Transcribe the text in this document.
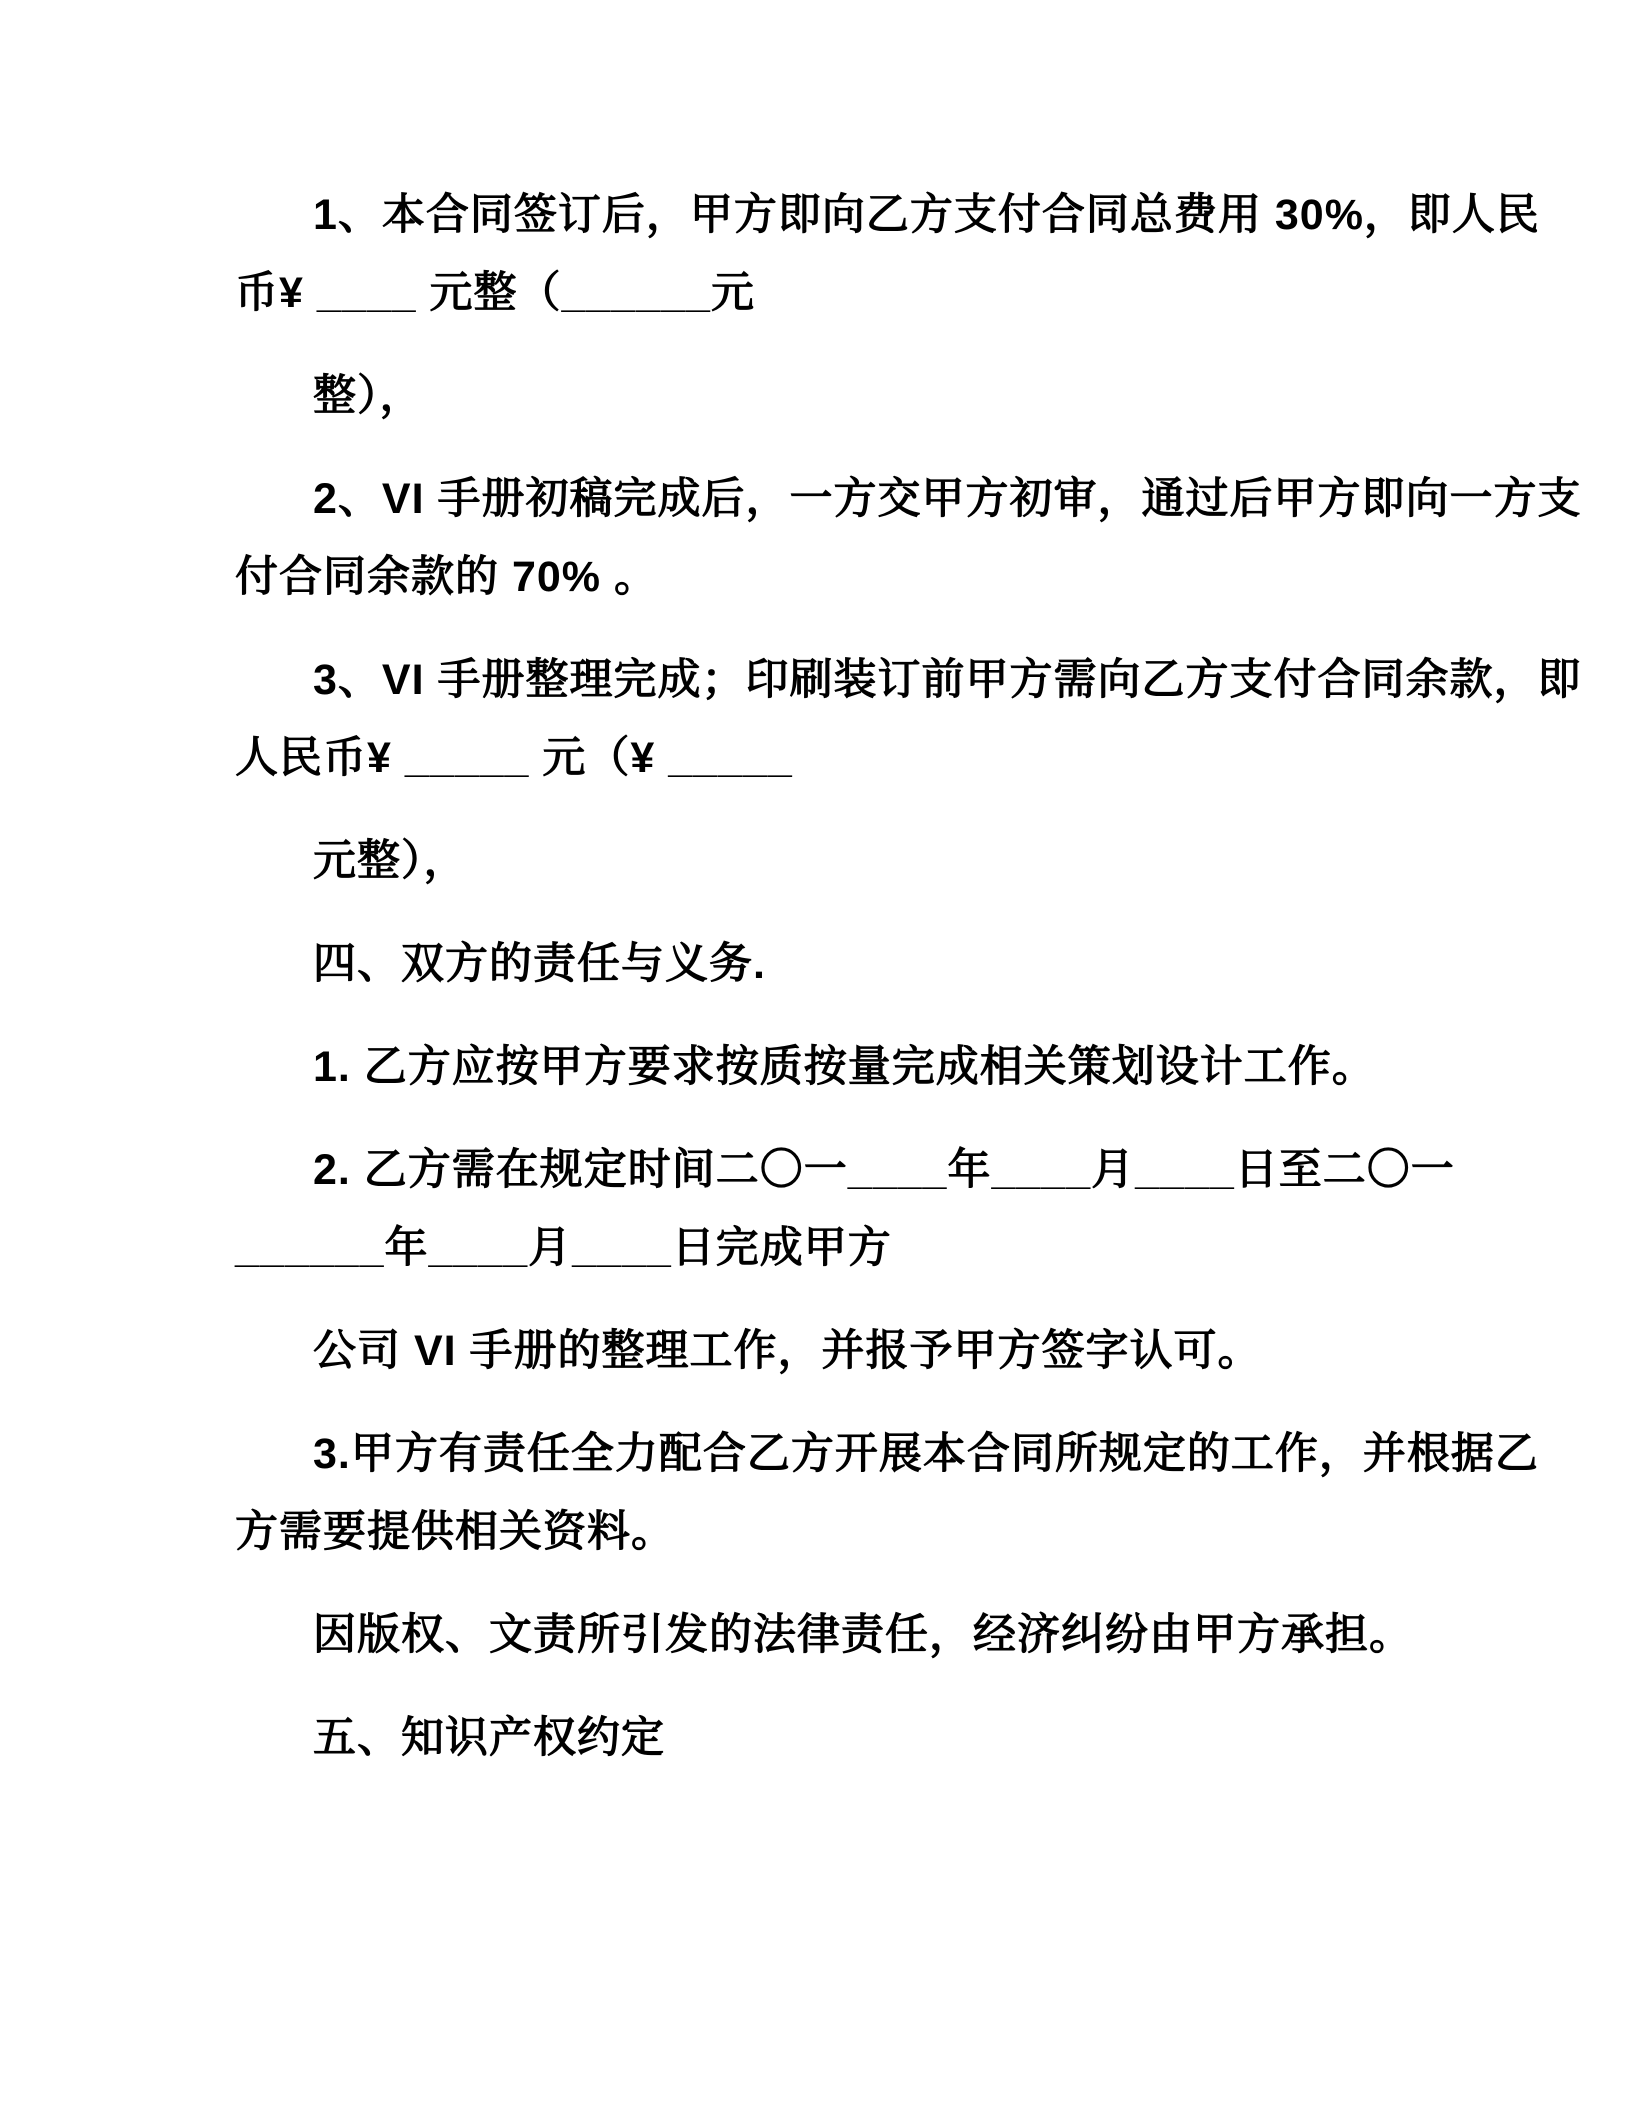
1、本合同签订后，甲方即向乙方支付合同总费用 30%，即人民
币¥ ____ 元整（______元
整），
2、VI 手册初稿完成后，一方交甲方初审，通过后甲方即向一方支
付合同余款的 70% 。
3、VI 手册整理完成；印刷装订前甲方需向乙方支付合同余款，即
人民币¥ _____ 元（¥ _____
元整），
四、双方的责任与义务.
1. 乙方应按甲方要求按质按量完成相关策划设计工作。
2. 乙方需在规定时间二〇一____年____月____日至二〇一
______年____月____日完成甲方
公司 VI 手册的整理工作，并报予甲方签字认可。
3.甲方有责任全力配合乙方开展本合同所规定的工作，并根据乙
方需要提供相关资料。
因版权、文责所引发的法律责任，经济纠纷由甲方承担。
五、知识产权约定
